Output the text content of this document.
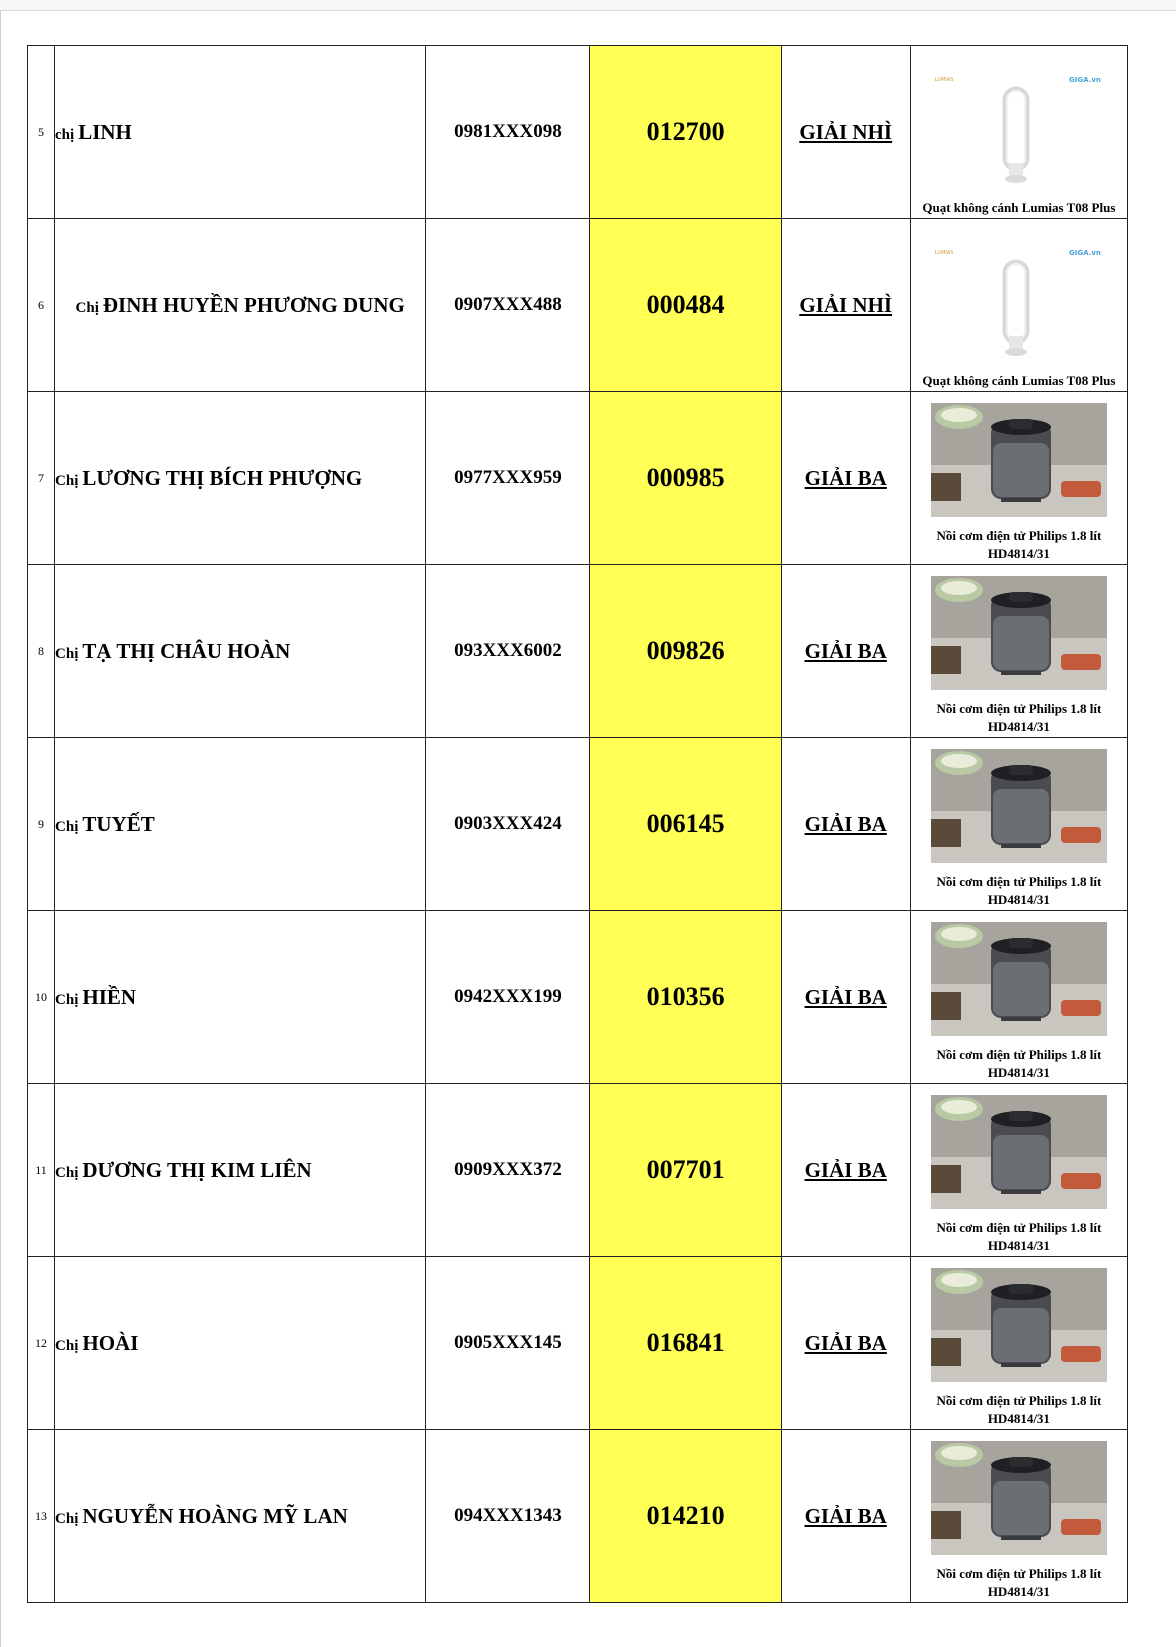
5	chị LINH	0981XXX098	012700	GIẢI NHÌ	LUMIAS GIGA.vn
Quạt không cánh Lumias T08 Plus

6	Chị ĐINH HUYỀN PHƯƠNG DUNG	0907XXX488	000484	GIẢI NHÌ	LUMIAS GIGA.vn
Quạt không cánh Lumias T08 Plus

7	Chị LƯƠNG THỊ BÍCH PHƯỢNG	0977XXX959	000985	GIẢI BA	Nồi cơm điện tử Philips 1.8 lít HD4814/31

8	Chị TẠ THỊ CHÂU HOÀN	093XXX6002	009826	GIẢI BA	Nồi cơm điện tử Philips 1.8 lít HD4814/31

9	Chị TUYẾT	0903XXX424	006145	GIẢI BA	Nồi cơm điện tử Philips 1.8 lít HD4814/31

10	Chị HIỀN	0942XXX199	010356	GIẢI BA	Nồi cơm điện tử Philips 1.8 lít HD4814/31

11	Chị DƯƠNG THỊ KIM LIÊN	0909XXX372	007701	GIẢI BA	Nồi cơm điện tử Philips 1.8 lít HD4814/31

12	Chị HOÀI	0905XXX145	016841	GIẢI BA	Nồi cơm điện tử Philips 1.8 lít HD4814/31

13	Chị NGUYỄN HOÀNG MỸ LAN	094XXX1343	014210	GIẢI BA	Nồi cơm điện tử Philips 1.8 lít HD4814/31
